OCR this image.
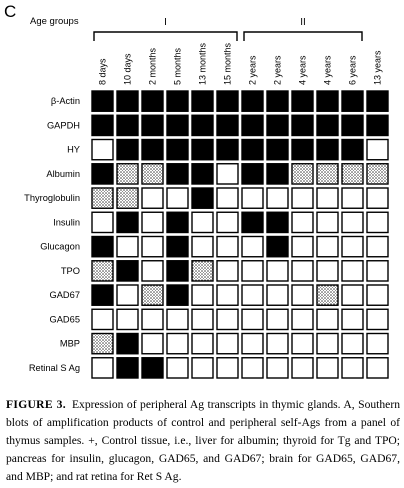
C
Age groups	I	II
8 days 10 days 2 months 5 months 13 months 15 months 2 years 2 years 4 years 4 years 6 years 13 years
β-Actin
GAPDH
HY
Albumin
Thyroglobulin
Insulin
Glucagon
TPO
GAD67
GAD65
MBP
Retinal S Ag
FIGURE 3. Expression of peripheral Ag transcripts in thymic glands. A, Southern blots of amplification products of control and peripheral self-Ags from a panel of thymus samples. +, Control tissue, i.e., liver for albumin; thyroid for Tg and TPO; pancreas for insulin, glucagon, GAD65, and GAD67; brain for GAD65, GAD67, and MBP; and rat retina for Ret S Ag.
